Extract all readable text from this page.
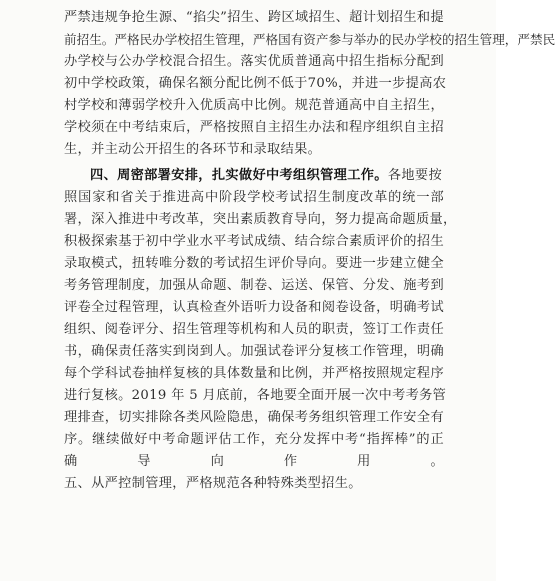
严禁违规争抢生源、“掐尖”招生、跨区域招生、超计划招生和提
前招生。严格民办学校招生管理，严格国有资产参与举办的民办学校的招生管理，严禁民
办学校与公办学校混合招生。落实优质普通高中招生指标分配到
初中学校政策，确保名额分配比例不低于70%，并进一步提高农
村学校和薄弱学校升入优质高中比例。规范普通高中自主招生，
学校须在中考结束后，严格按照自主招生办法和程序组织自主招
生，并主动公开招生的各环节和录取结果。
四、周密部署安排，扎实做好中考组织管理工作。各地要按
照国家和省关于推进高中阶段学校考试招生制度改革的统一部
署，深入推进中考改革，突出素质教育导向，努力提高命题质量，
积极探索基于初中学业水平考试成绩、结合综合素质评价的招生
录取模式，扭转唯分数的考试招生评价导向。要进一步建立健全
考务管理制度，加强从命题、制卷、运送、保管、分发、施考到
评卷全过程管理，认真检查外语听力设备和阅卷设备，明确考试
组织、阅卷评分、招生管理等机构和人员的职责，签订工作责任
书，确保责任落实到岗到人。加强试卷评分复核工作管理，明确
每个学科试卷抽样复核的具体数量和比例，并严格按照规定程序
进行复核。2019 年 5 月底前，各地要全面开展一次中考考务管
理排查，切实排除各类风险隐患，确保考务组织管理工作安全有
序。继续做好中考命题评估工作，充分发挥中考“指挥棒”的正
确导向作用。
五、从严控制管理，严格规范各种特殊类型招生。
